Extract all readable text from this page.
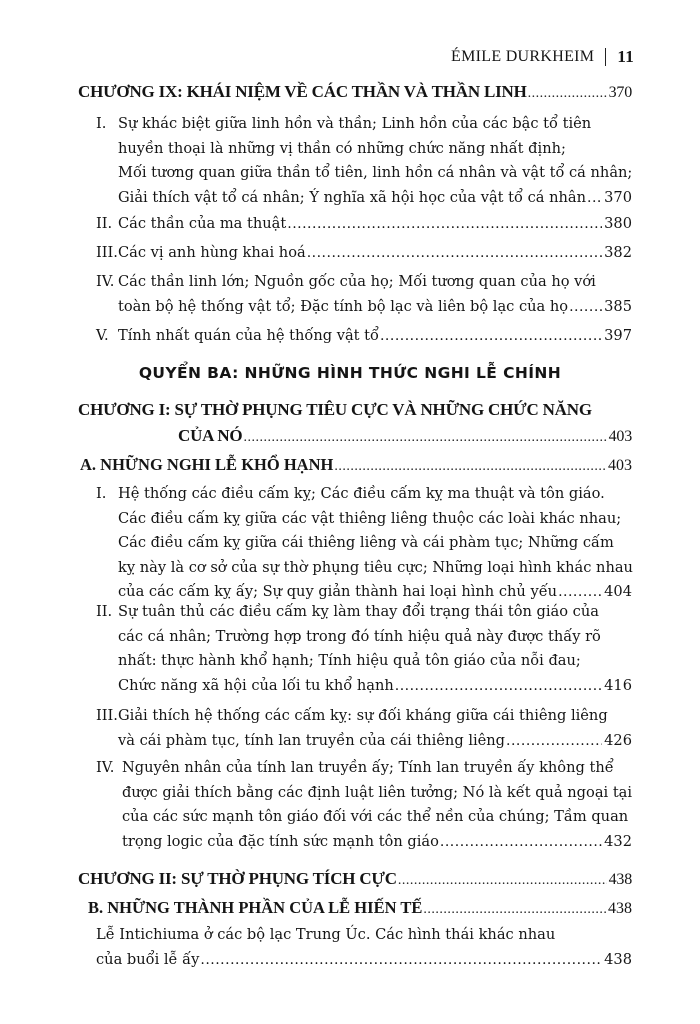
ÉMILE DURKHEIM 11
CHƯƠNG IX: KHÁI NIỆM VỀ CÁC THẦN VÀ THẦN LINH .....	370
I. Sự khác biệt giữa linh hồn và thần; Linh hồn của các bậc tổ tiên
huyền thoại là những vị thần có những chức năng nhất định;
Mối tương quan giữa thần tổ tiên, linh hồn cá nhân và vật tổ cá nhân;
Giải thích vật tổ cá nhân; Ý nghĩa xã hội học của vật tổ cá nhân ..... 370
II. Các thần của ma thuật .....	380
III. Các vị anh hùng khai hoá .....	382
IV. Các thần linh lớn; Nguồn gốc của họ; Mối tương quan của họ với
toàn bộ hệ thống vật tổ; Đặc tính bộ lạc và liên bộ lạc của họ ..... 385
V. Tính nhất quán của hệ thống vật tổ .....	397
QUYỂN BA: NHỮNG HÌNH THỨC NGHI LỄ CHÍNH
CHƯƠNG I: SỰ THỜ PHỤNG TIÊU CỰC VÀ NHỮNG CHỨC NĂNG
CỦA NÓ .....	403
A. NHỮNG NGHI LỄ KHỔ HẠNH .....	403
I. Hệ thống các điều cấm kỵ; Các điều cấm kỵ ma thuật và tôn giáo.
Các điều cấm kỵ giữa các vật thiêng liêng thuộc các loài khác nhau;
Các điều cấm kỵ giữa cái thiêng liêng và cái phàm tục; Những cấm
kỵ này là cơ sở của sự thờ phụng tiêu cực; Những loại hình khác nhau
của các cấm kỵ ấy; Sự quy giản thành hai loại hình chủ yếu .....	404
II. Sự tuân thủ các điều cấm kỵ làm thay đổi trạng thái tôn giáo của
các cá nhân; Trường hợp trong đó tính hiệu quả này được thấy rõ
nhất: thực hành khổ hạnh; Tính hiệu quả tôn giáo của nỗi đau;
Chức năng xã hội của lối tu khổ hạnh .....	416
III. Giải thích hệ thống các cấm kỵ: sự đối kháng giữa cái thiêng liêng
và cái phàm tục, tính lan truyền của cái thiêng liêng .....	426
IV. Nguyên nhân của tính lan truyền ấy; Tính lan truyền ấy không thể
được giải thích bằng các định luật liên tưởng; Nó là kết quả ngoại tại
của các sức mạnh tôn giáo đối với các thể nền của chúng; Tầm quan
trọng logic của đặc tính sức mạnh tôn giáo .....	432
CHƯƠNG II: SỰ THỜ PHỤNG TÍCH CỰC .....	438
B. NHỮNG THÀNH PHẦN CỦA LỄ HIẾN TẾ .....	438
Lễ Intichiuma ở các bộ lạc Trung Úc. Các hình thái khác nhau
của buổi lễ ấy .....	438
